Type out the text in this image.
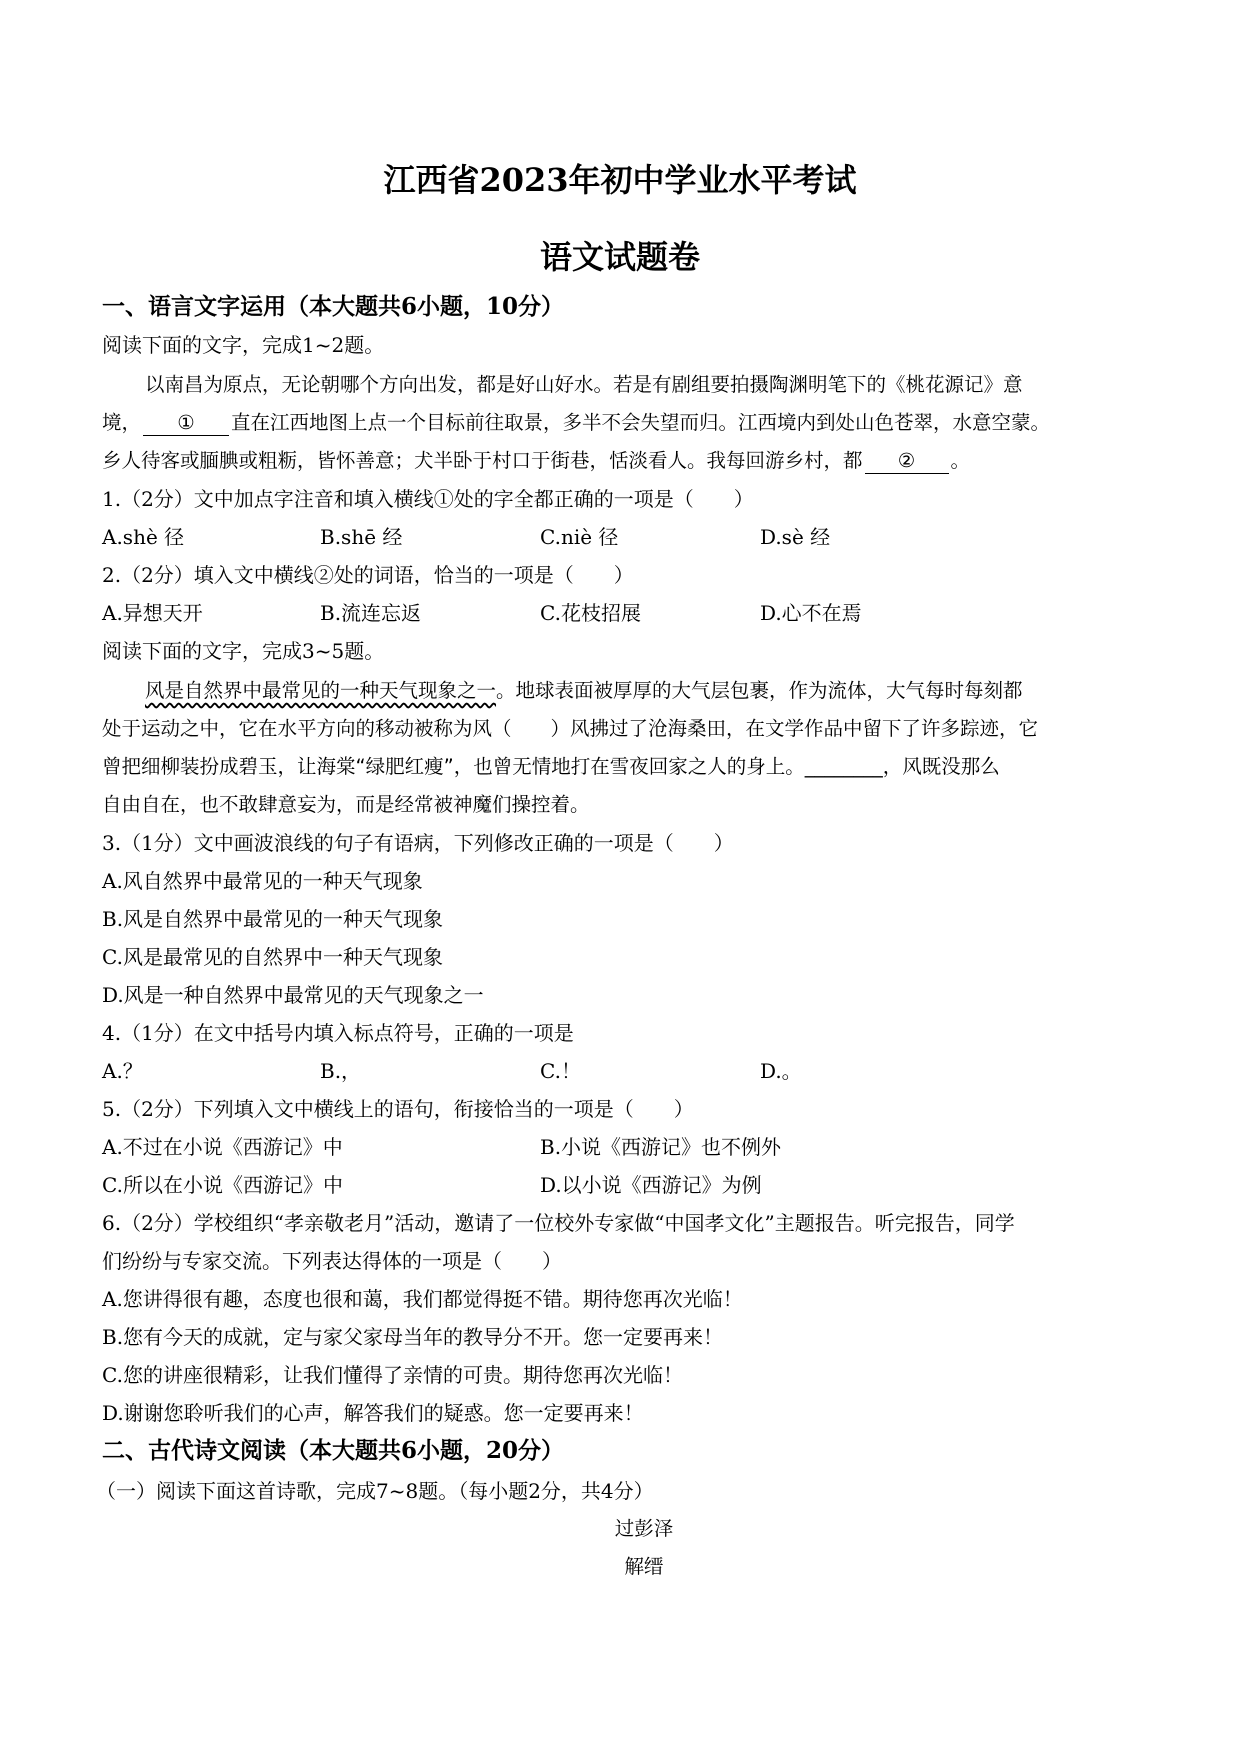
江西省2023年初中学业水平考试
语文试题卷
一、语言文字运用（本大题共6小题，10分）
阅读下面的文字，完成1~2题。
以南昌为原点，无论朝哪个方向出发，都是好山好水。若是有剧组要拍摄陶渊明笔下的《桃花源记》意
境， ① 直在江西地图上点一个目标前往取景，多半不会失望而归。江西境内到处山色苍翠，水意空蒙。
乡人待客或腼腆或粗粝，皆怀善意；犬半卧于村口于街巷，恬淡看人。我每回游乡村，都 ② 。
1.（2分）文中加点字注音和填入横线①处的字全都正确的一项是（　　）
A.shè 径	B.shē 经	C.niè 径	D.sè 经
2.（2分）填入文中横线②处的词语，恰当的一项是（　　）
A.异想天开	B.流连忘返	C.花枝招展	D.心不在焉
阅读下面的文字，完成3~5题。
风是自然界中最常见的一种天气现象之一。地球表面被厚厚的大气层包裹，作为流体，大气每时每刻都
处于运动之中，它在水平方向的移动被称为风（　　）风拂过了沧海桑田，在文学作品中留下了许多踪迹，它
曾把细柳装扮成碧玉，让海棠“绿肥红瘦”，也曾无情地打在雪夜回家之人的身上。________，风既没那么
自由自在，也不敢肆意妄为，而是经常被神魔们操控着。
3.（1分）文中画波浪线的句子有语病，下列修改正确的一项是（　　）
A.风自然界中最常见的一种天气现象
B.风是自然界中最常见的一种天气现象
C.风是最常见的自然界中一种天气现象
D.风是一种自然界中最常见的天气现象之一
4.（1分）在文中括号内填入标点符号，正确的一项是
A.？	B.，	C.！	D.。
5.（2分）下列填入文中横线上的语句，衔接恰当的一项是（　　）
A.不过在小说《西游记》中	B.小说《西游记》也不例外
C.所以在小说《西游记》中	D.以小说《西游记》为例
6.（2分）学校组织“孝亲敬老月”活动，邀请了一位校外专家做“中国孝文化”主题报告。听完报告，同学
们纷纷与专家交流。下列表达得体的一项是（　　）
A.您讲得很有趣，态度也很和蔼，我们都觉得挺不错。期待您再次光临！
B.您有今天的成就，定与家父家母当年的教导分不开。您一定要再来！
C.您的讲座很精彩，让我们懂得了亲情的可贵。期待您再次光临！
D.谢谢您聆听我们的心声，解答我们的疑惑。您一定要再来！
二、古代诗文阅读（本大题共6小题，20分）
（一）阅读下面这首诗歌，完成7~8题。（每小题2分，共4分）
过彭泽
解缙
